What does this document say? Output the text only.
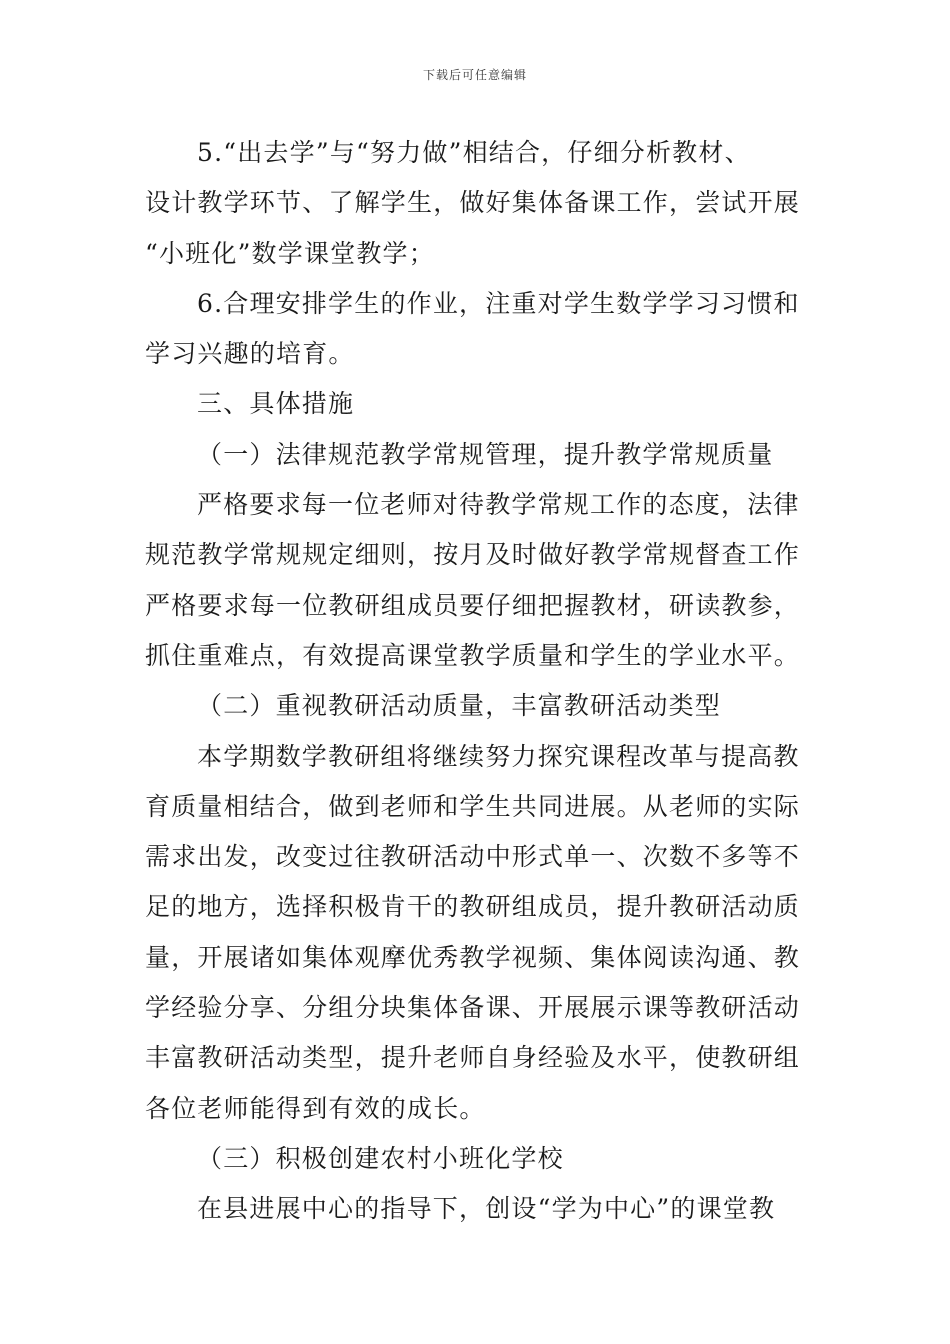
下载后可任意编辑
5.“出去学”与“努力做”相结合，仔细分析教材、
设计教学环节、了解学生，做好集体备课工作，尝试开展
“小班化”数学课堂教学；
6.合理安排学生的作业，注重对学生数学学习习惯和
学习兴趣的培育。
三、具体措施
（一）法律规范教学常规管理，提升教学常规质量
严格要求每一位老师对待教学常规工作的态度，法律
规范教学常规规定细则，按月及时做好教学常规督查工作
严格要求每一位教研组成员要仔细把握教材，研读教参，
抓住重难点，有效提高课堂教学质量和学生的学业水平。
（二）重视教研活动质量，丰富教研活动类型
本学期数学教研组将继续努力探究课程改革与提高教
育质量相结合，做到老师和学生共同进展。从老师的实际
需求出发，改变过往教研活动中形式单一、次数不多等不
足的地方，选择积极肯干的教研组成员，提升教研活动质
量，开展诸如集体观摩优秀教学视频、集体阅读沟通、教
学经验分享、分组分块集体备课、开展展示课等教研活动
丰富教研活动类型，提升老师自身经验及水平，使教研组
各位老师能得到有效的成长。
（三）积极创建农村小班化学校
在县进展中心的指导下，创设“学为中心”的课堂教
